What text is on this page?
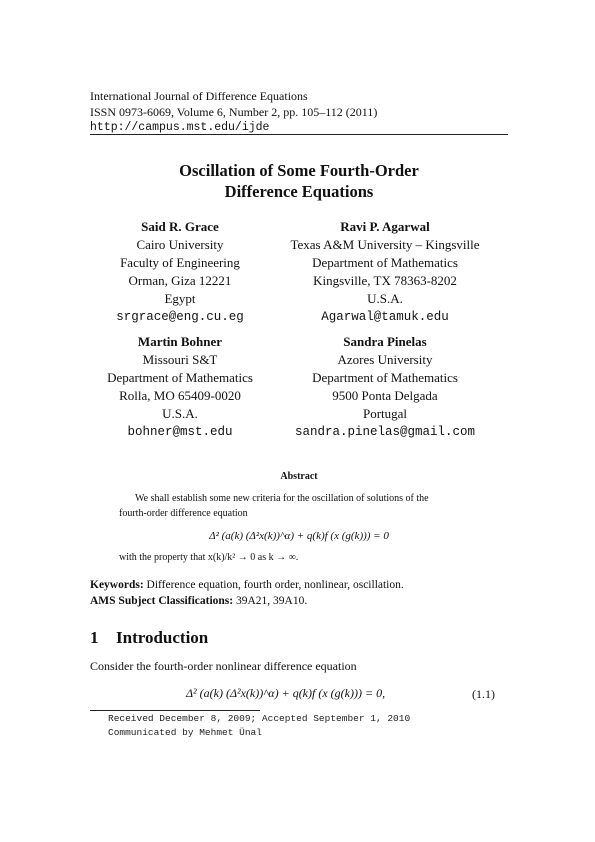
International Journal of Difference Equations
ISSN 0973-6069, Volume 6, Number 2, pp. 105–112 (2011)
http://campus.mst.edu/ijde
Oscillation of Some Fourth-Order
Difference Equations
Said R. Grace
Cairo University
Faculty of Engineering
Orman, Giza 12221
Egypt
srgrace@eng.cu.eg
Ravi P. Agarwal
Texas A&M University – Kingsville
Department of Mathematics
Kingsville, TX 78363-8202
U.S.A.
Agarwal@tamuk.edu
Martin Bohner
Missouri S&T
Department of Mathematics
Rolla, MO 65409-0020
U.S.A.
bohner@mst.edu
Sandra Pinelas
Azores University
Department of Mathematics
9500 Ponta Delgada
Portugal
sandra.pinelas@gmail.com
Abstract
We shall establish some new criteria for the oscillation of solutions of the
fourth-order difference equation
Δ² (a(k) (Δ²x(k))^α) + q(k)f (x (g(k))) = 0
with the property that x(k)/k² → 0 as k → ∞.
Keywords: Difference equation, fourth order, nonlinear, oscillation.
AMS Subject Classifications: 39A21, 39A10.
1 Introduction
Consider the fourth-order nonlinear difference equation
Δ² (a(k) (Δ²x(k))^α) + q(k)f (x (g(k))) = 0,	(1.1)
Received December 8, 2009; Accepted September 1, 2010
Communicated by Mehmet Ünal
